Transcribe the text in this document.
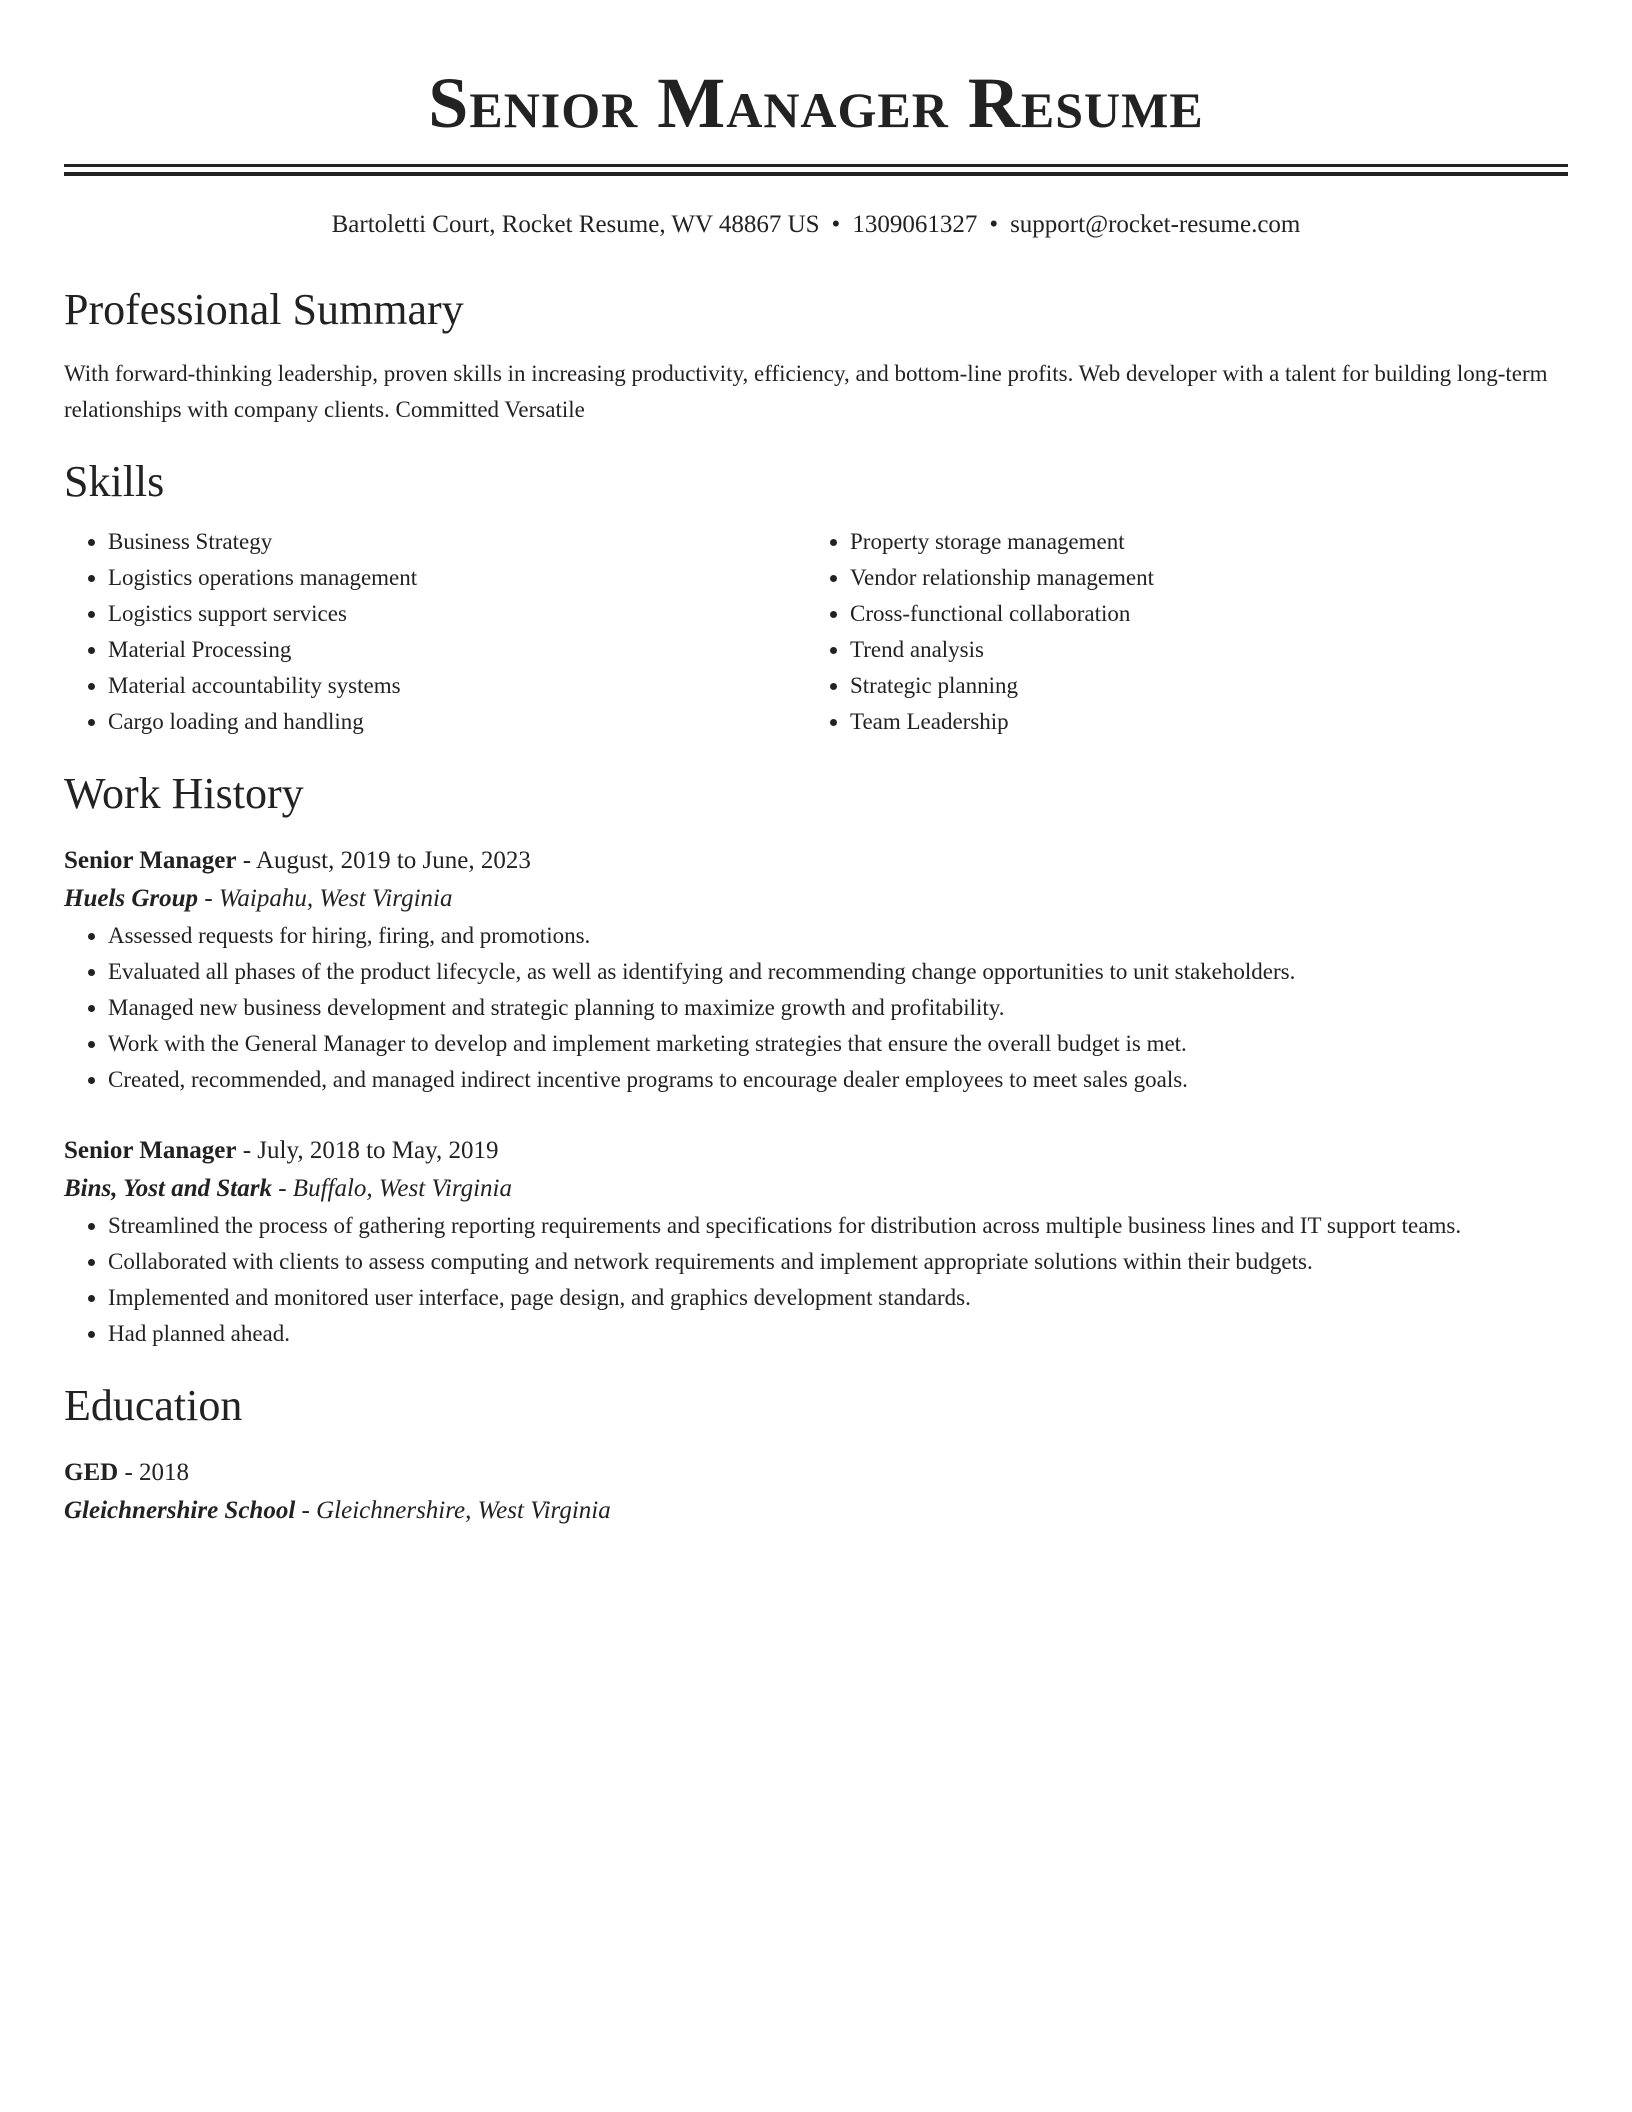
Senior Manager Resume
Bartoletti Court, Rocket Resume, WV 48867 US • 1309061327 • support@rocket-resume.com
Professional Summary

With forward-thinking leadership, proven skills in increasing productivity, efficiency, and bottom-line profits. Web developer with a talent for building long-term relationships with company clients. Committed Versatile

Skills
• Business Strategy
• Logistics operations management
• Logistics support services
• Material Processing
• Material accountability systems
• Cargo loading and handling
• Property storage management
• Vendor relationship management
• Cross-functional collaboration
• Trend analysis
• Strategic planning
• Team Leadership
Work History
Senior Manager - August, 2019 to June, 2023
Huels Group - Waipahu, West Virginia
• Assessed requests for hiring, firing, and promotions.
• Evaluated all phases of the product lifecycle, as well as identifying and recommending change opportunities to unit stakeholders.
• Managed new business development and strategic planning to maximize growth and profitability.
• Work with the General Manager to develop and implement marketing strategies that ensure the overall budget is met.
• Created, recommended, and managed indirect incentive programs to encourage dealer employees to meet sales goals.
Senior Manager - July, 2018 to May, 2019
Bins, Yost and Stark - Buffalo, West Virginia
• Streamlined the process of gathering reporting requirements and specifications for distribution across multiple business lines and IT support teams.
• Collaborated with clients to assess computing and network requirements and implement appropriate solutions within their budgets.
• Implemented and monitored user interface, page design, and graphics development standards.
• Had planned ahead.
Education
GED - 2018
Gleichnershire School - Gleichnershire, West Virginia
